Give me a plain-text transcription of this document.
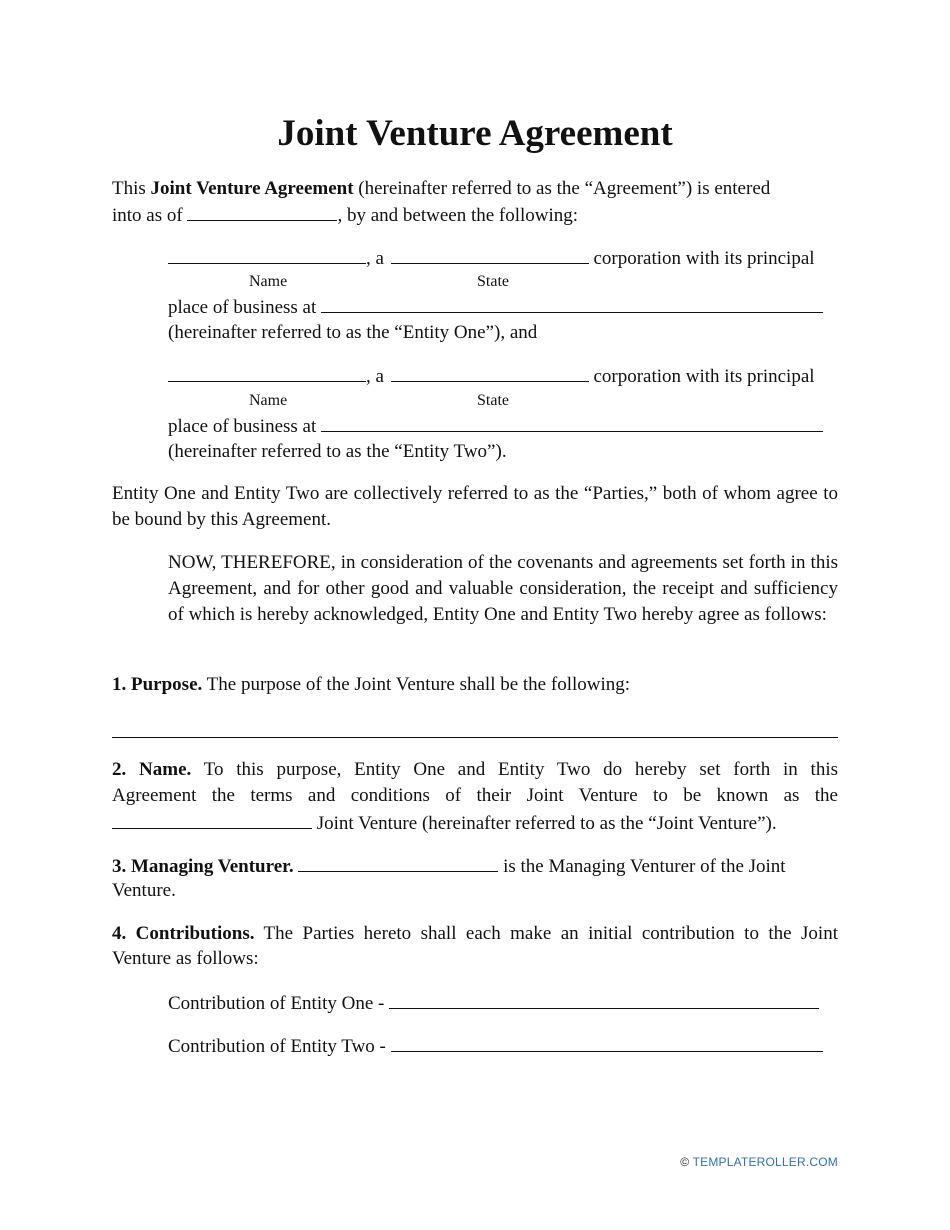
Joint Venture Agreement
This Joint Venture Agreement (hereinafter referred to as the “Agreement”) is entered
into as of	, by and between the following:
, a	corporation with its principal
Name	State
place of business at
(hereinafter referred to as the “Entity One”), and
, a	corporation with its principal
Name	State
place of business at
(hereinafter referred to as the “Entity Two”).

Entity One and Entity Two are collectively referred to as the “Parties,” both of whom agree to be bound by this Agreement.

NOW, THEREFORE, in consideration of the covenants and agreements set forth in this Agreement, and for other good and valuable consideration, the receipt and sufficiency of which is hereby acknowledged, Entity One and Entity Two hereby agree as follows:

1. Purpose. The purpose of the Joint Venture shall be the following:
2. Name. To this purpose, Entity One and Entity Two do hereby set forth in this
Agreement the terms and conditions of their Joint Venture to be known as the
Joint Venture (hereinafter referred to as the “Joint Venture”).
3. Managing Venturer.	is the Managing Venturer of the Joint
Venture.
4. Contributions. The Parties hereto shall each make an initial contribution to the Joint
Venture as follows:
Contribution of Entity One -
Contribution of Entity Two -
© TEMPLATEROLLER.COM
